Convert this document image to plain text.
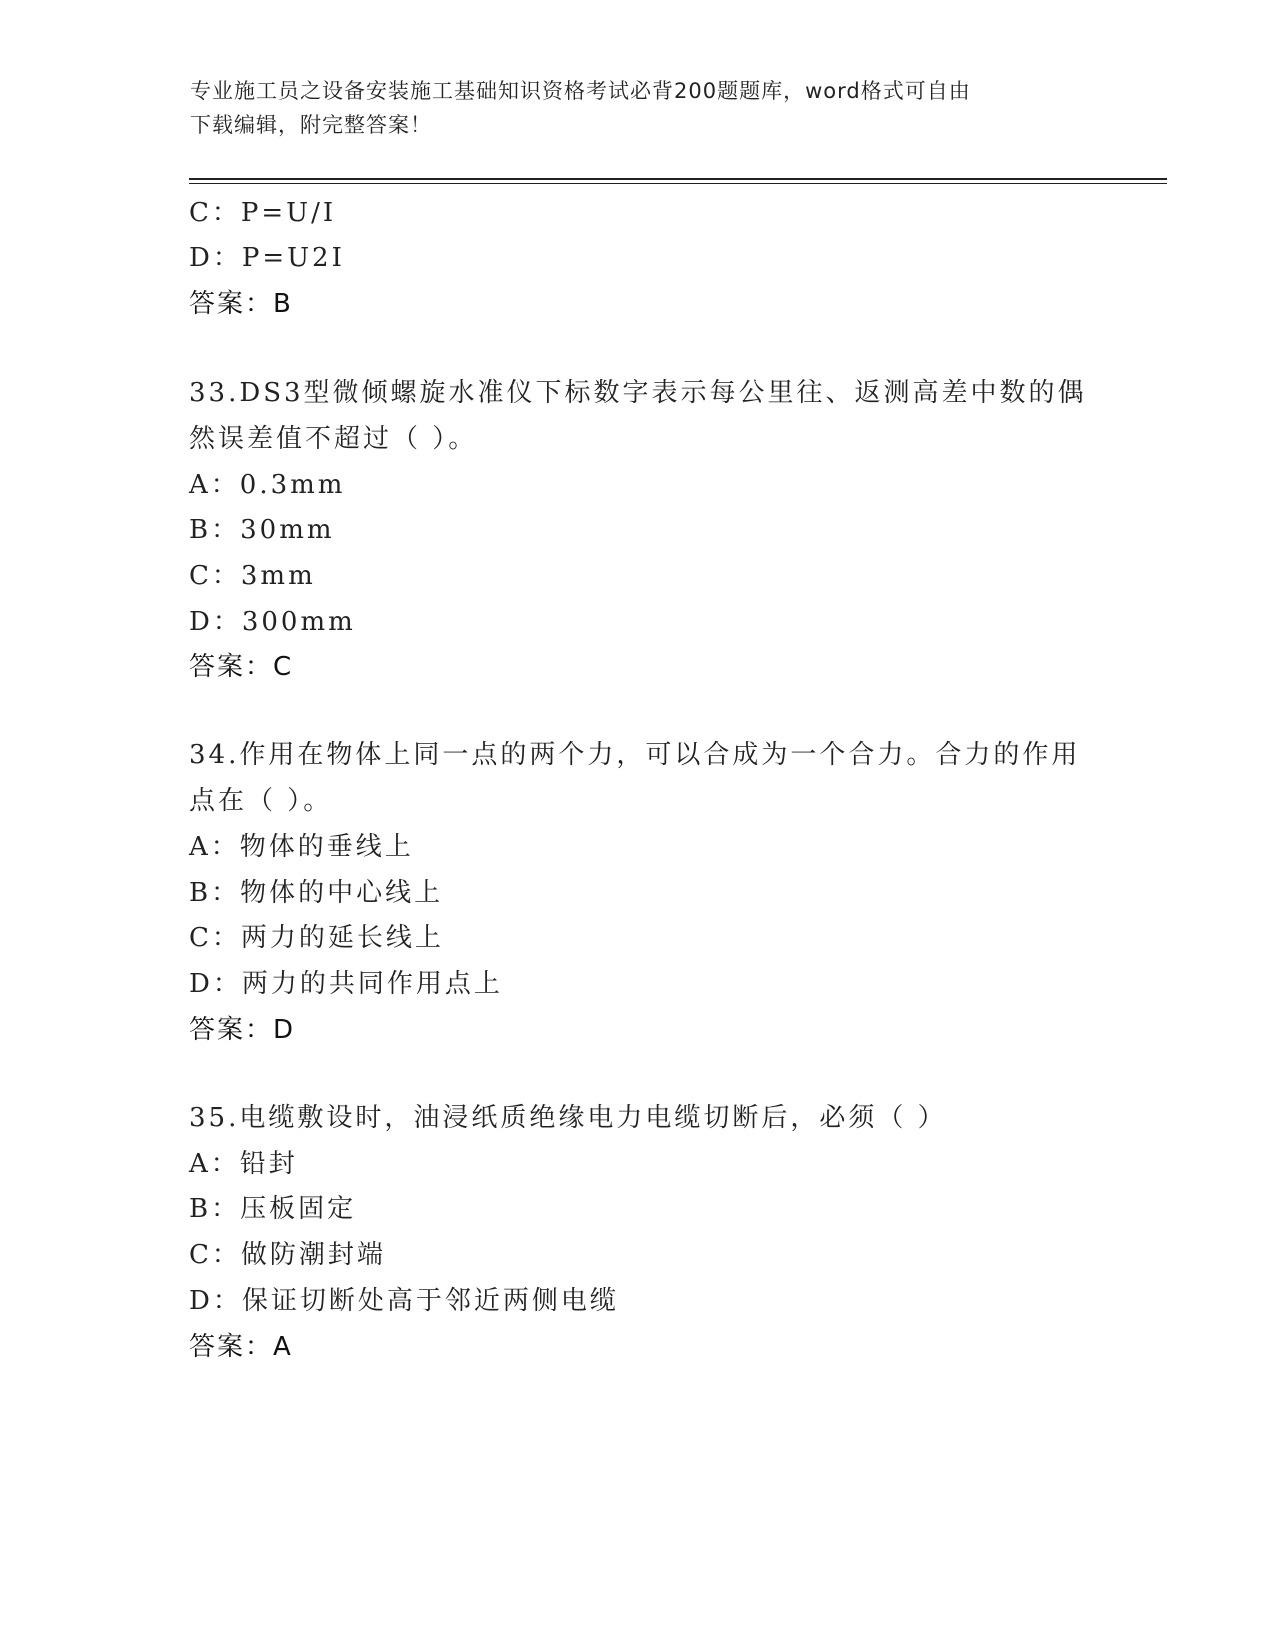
专业施工员之设备安装施工基础知识资格考试必背200题题库，word格式可自由
下载编辑，附完整答案！
C：P=U/I
D：P=U2I
答案：B
33.DS3型微倾螺旋水准仪下标数字表示每公里往、返测高差中数的偶
然误差值不超过（ ）。
A：0.3mm
B：30mm
C：3mm
D：300mm
答案：C
34.作用在物体上同一点的两个力，可以合成为一个合力。合力的作用
点在（ ）。
A：物体的垂线上
B：物体的中心线上
C：两力的延长线上
D：两力的共同作用点上
答案：D
35.电缆敷设时，油浸纸质绝缘电力电缆切断后，必须（ ）
A：铅封
B：压板固定
C：做防潮封端
D：保证切断处高于邻近两侧电缆
答案：A
